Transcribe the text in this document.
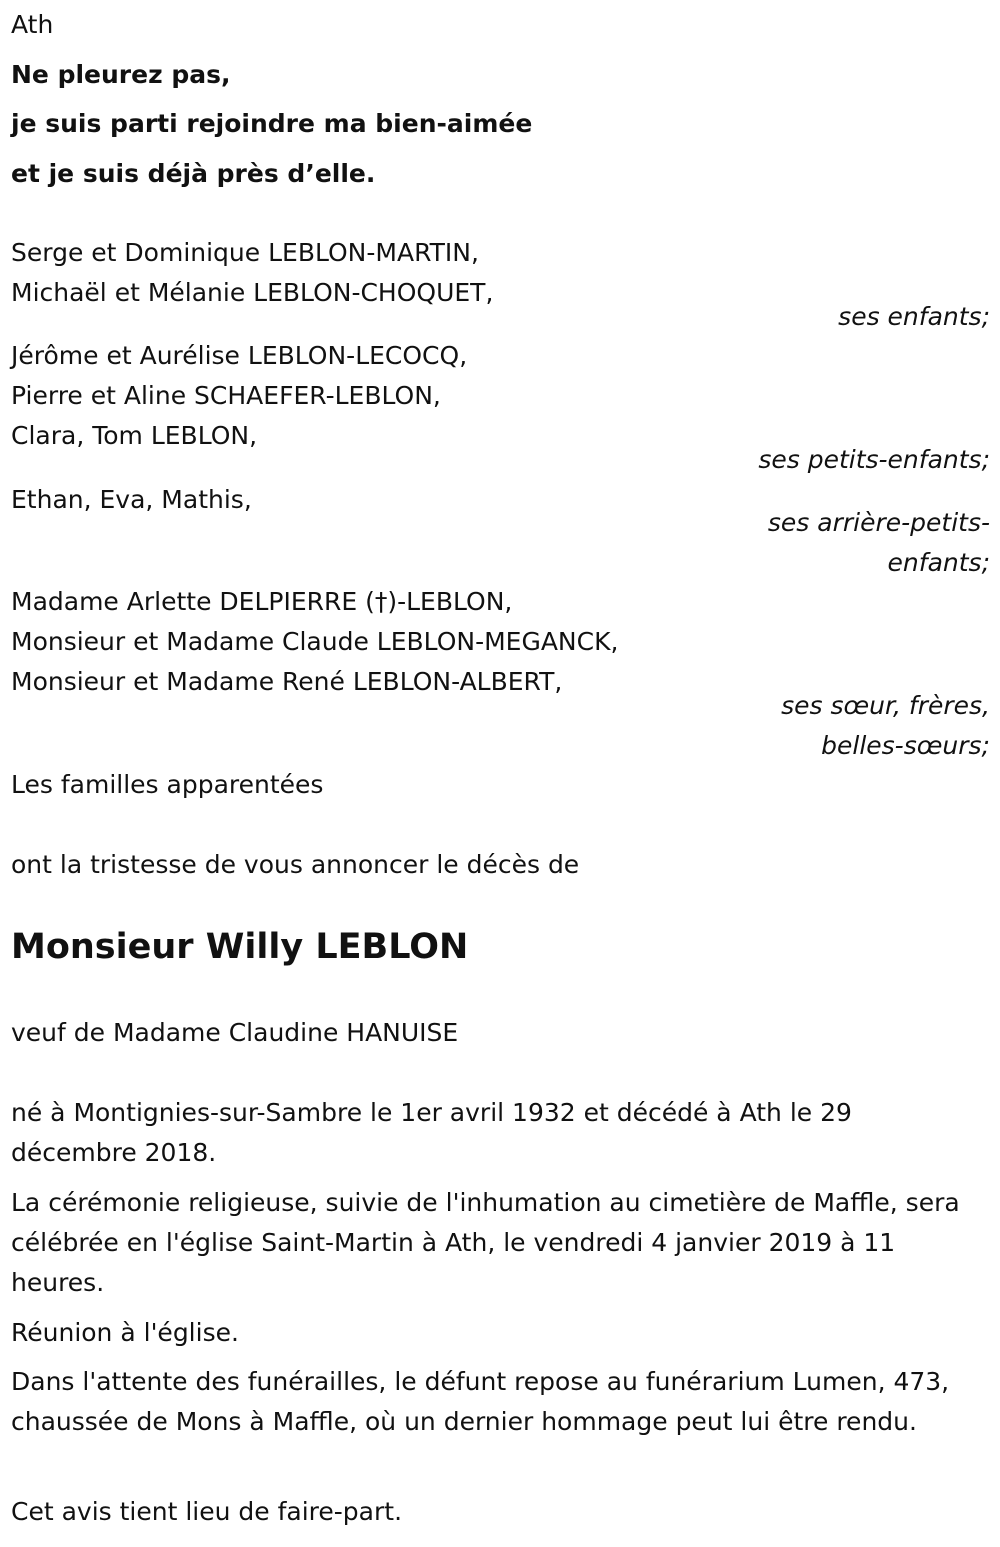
Ath
Ne pleurez pas,
je suis parti rejoindre ma bien-aimée
et je suis déjà près d’elle.
Serge et Dominique LEBLON-MARTIN,
Michaël et Mélanie LEBLON-CHOQUET,
ses enfants;
Jérôme et Aurélise LEBLON-LECOCQ,
Pierre et Aline SCHAEFER-LEBLON,
Clara, Tom LEBLON,
ses petits-enfants;
Ethan, Eva, Mathis,
ses arrière-petits-
enfants;
Madame Arlette DELPIERRE (†)-LEBLON,
Monsieur et Madame Claude LEBLON-MEGANCK,
Monsieur et Madame René LEBLON-ALBERT,
ses sœur, frères,
belles-sœurs;
Les familles apparentées
ont la tristesse de vous annoncer le décès de
Monsieur Willy LEBLON
veuf de Madame Claudine HANUISE
né à Montignies-sur-Sambre le 1er avril 1932 et décédé à Ath le 29 décembre 2018.
La cérémonie religieuse, suivie de l'inhumation au cimetière de Maffle, sera célébrée en l'église Saint-Martin à Ath, le vendredi 4 janvier 2019 à 11 heures.
Réunion à l'église.
Dans l'attente des funérailles, le défunt repose au funérarium Lumen, 473, chaussée de Mons à Maffle, où un dernier hommage peut lui être rendu.
Cet avis tient lieu de faire-part.
